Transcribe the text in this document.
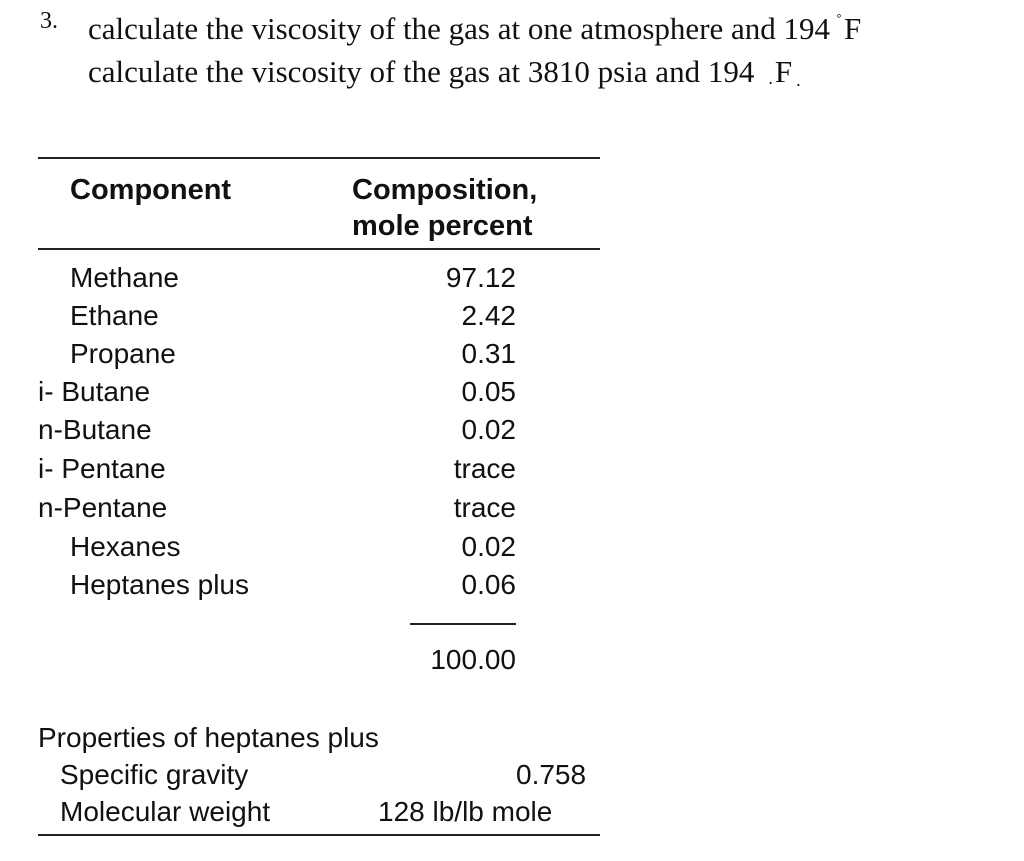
3. calculate the viscosity of the gas at one atmosphere and 194 ˚F
calculate the viscosity of the gas at 3810 psia and 194 .F .
Component	Composition,
mole percent
Methane	97.12
Ethane	2.42
Propane	0.31
i- Butane	0.05
n-Butane	0.02
i- Pentane	trace
n-Pentane	trace
Hexanes	0.02
Heptanes plus	0.06
100.00
Properties of heptanes plus
Specific gravity	0.758
Molecular weight	128 lb/lb mole
